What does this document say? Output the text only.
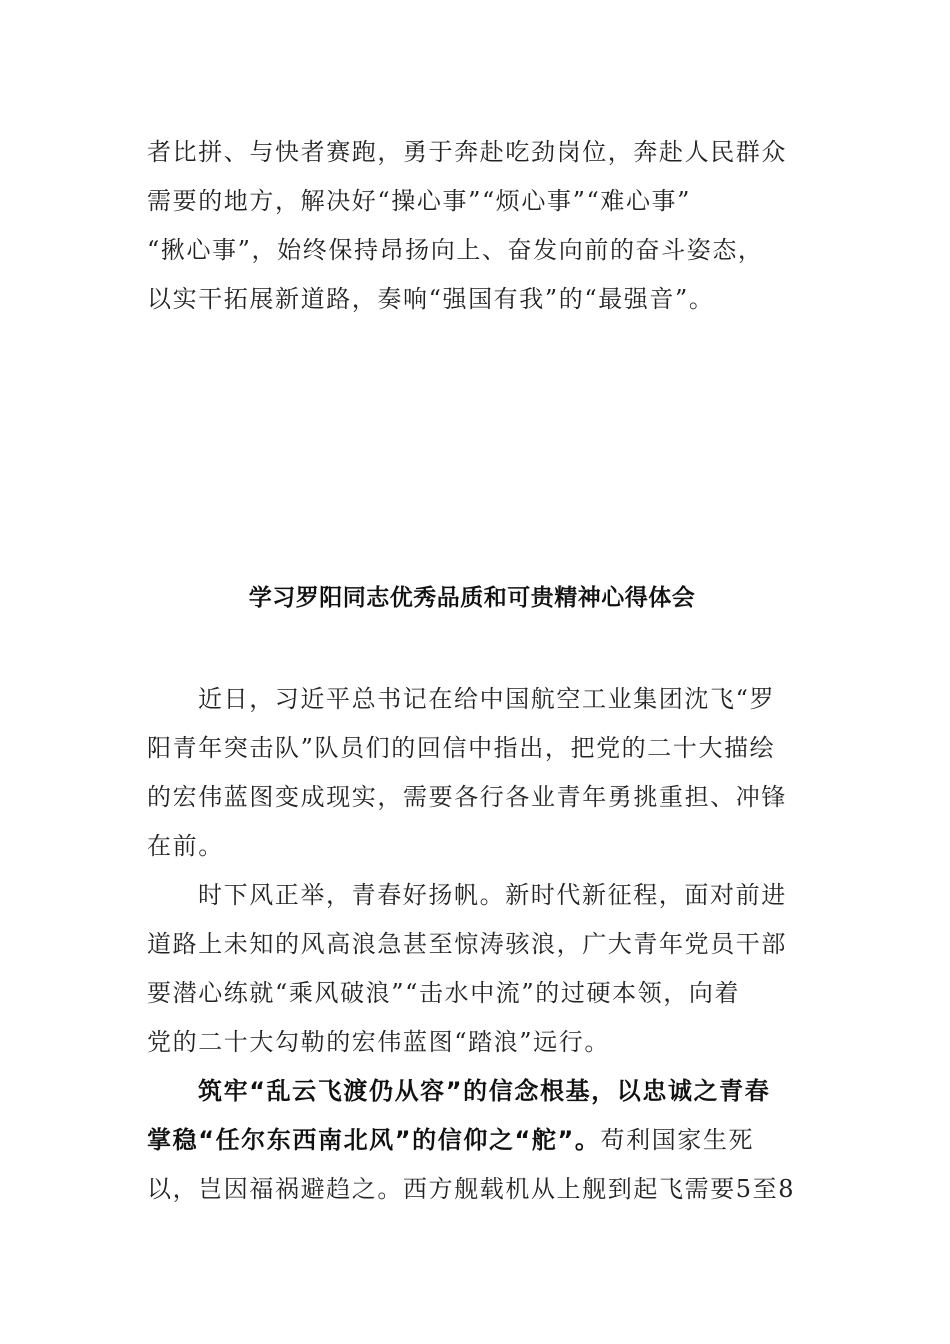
者比拼、与快者赛跑，勇于奔赴吃劲岗位，奔赴人民群众
需要的地方，解决好“操心事”“烦心事”“难心事”
“揪心事”，始终保持昂扬向上、奋发向前的奋斗姿态，
以实干拓展新道路，奏响“强国有我”的“最强音”。
学习罗阳同志优秀品质和可贵精神心得体会
近日，习近平总书记在给中国航空工业集团沈飞“罗
阳青年突击队”队员们的回信中指出，把党的二十大描绘
的宏伟蓝图变成现实，需要各行各业青年勇挑重担、冲锋
在前。
时下风正举，青春好扬帆。新时代新征程，面对前进
道路上未知的风高浪急甚至惊涛骇浪，广大青年党员干部
要潜心练就“乘风破浪”“击水中流”的过硬本领，向着
党的二十大勾勒的宏伟蓝图“踏浪”远行。
筑牢“乱云飞渡仍从容”的信念根基，以忠诚之青春
掌稳“任尔东西南北风”的信仰之“舵”。苟利国家生死
以，岂因福祸避趋之。西方舰载机从上舰到起飞需要5至8
